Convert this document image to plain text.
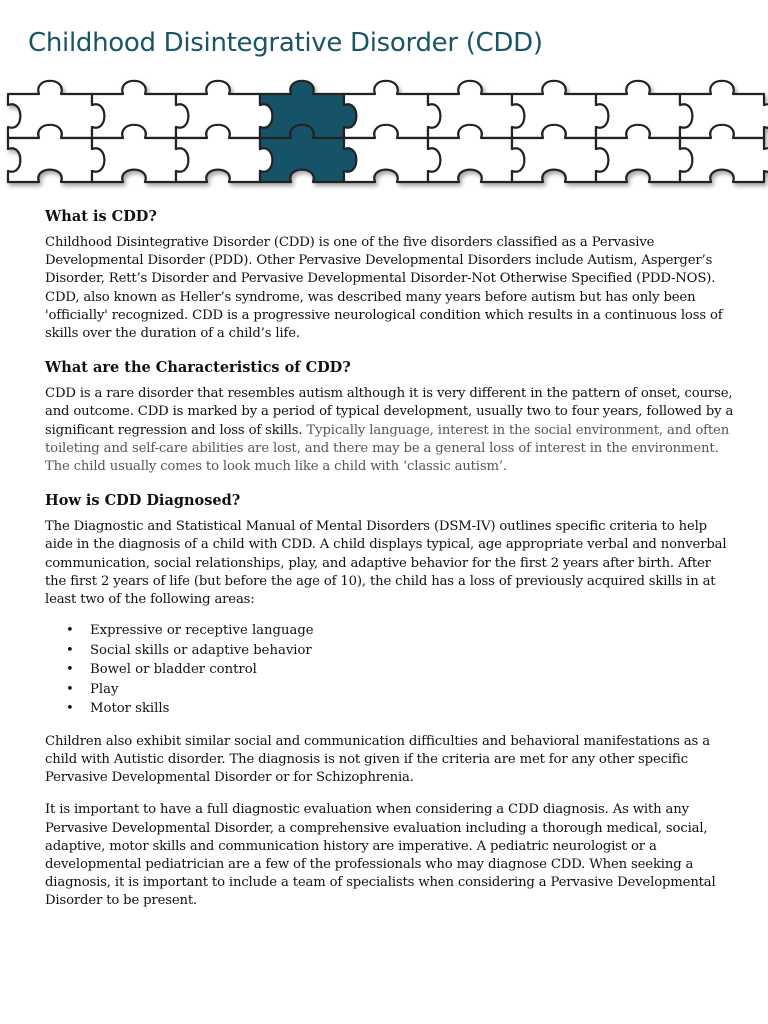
Childhood Disintegrative Disorder (CDD)
What is CDD?

Childhood Disintegrative Disorder (CDD) is one of the five disorders classified as a Pervasive Developmental Disorder (PDD). Other Pervasive Developmental Disorders include Autism, Asperger’s Disorder, Rett’s Disorder and Pervasive Developmental Disorder-Not Otherwise Specified (PDD-NOS). CDD, also known as Heller’s syndrome, was described many years before autism but has only been 'officially' recognized. CDD is a progressive neurological condition which results in a continuous loss of skills over the duration of a child’s life.

What are the Characteristics of CDD?

CDD is a rare disorder that resembles autism although it is very different in the pattern of onset, course, and outcome. CDD is marked by a period of typical development, usually two to four years, followed by a significant regression and loss of skills. Typically language, interest in the social environment, and often toileting and self-care abilities are lost, and there may be a general loss of interest in the environment. The child usually comes to look much like a child with ‘classic autism’.

How is CDD Diagnosed?

The Diagnostic and Statistical Manual of Mental Disorders (DSM-IV) outlines specific criteria to help aide in the diagnosis of a child with CDD. A child displays typical, age appropriate verbal and nonverbal communication, social relationships, play, and adaptive behavior for the first 2 years after birth. After the first 2 years of life (but before the age of 10), the child has a loss of previously acquired skills in at least two of the following areas:

• Expressive or receptive language
• Social skills or adaptive behavior
• Bowel or bladder control
• Play
• Motor skills

Children also exhibit similar social and communication difficulties and behavioral manifestations as a child with Autistic disorder. The diagnosis is not given if the criteria are met for any other specific Pervasive Developmental Disorder or for Schizophrenia.

It is important to have a full diagnostic evaluation when considering a CDD diagnosis. As with any Pervasive Developmental Disorder, a comprehensive evaluation including a thorough medical, social, adaptive, motor skills and communication history are imperative. A pediatric neurologist or a developmental pediatrician are a few of the professionals who may diagnose CDD. When seeking a diagnosis, it is important to include a team of specialists when considering a Pervasive Developmental Disorder to be present.
